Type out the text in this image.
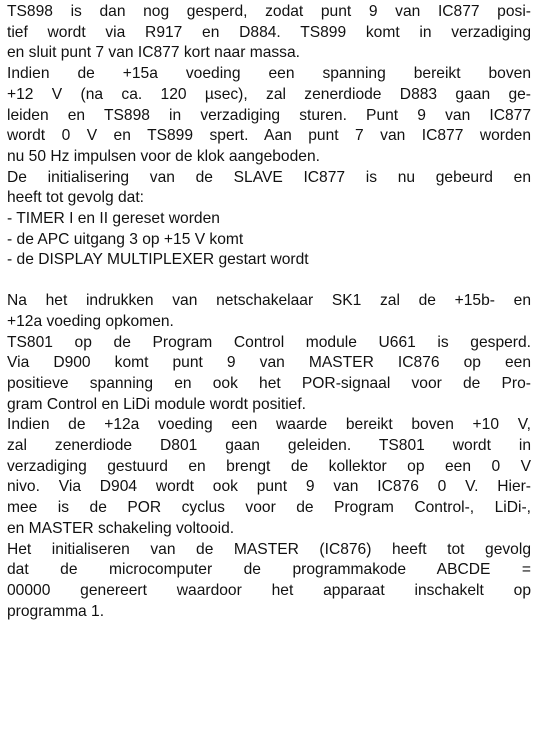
TS898 is dan nog gesperd, zodat punt 9 van IC877 posi-
tief wordt via R917 en D884. TS899 komt in verzadiging
en sluit punt 7 van IC877 kort naar massa.
Indien de +15a voeding een spanning bereikt boven
+12 V (na ca. 120 µsec), zal zenerdiode D883 gaan ge-
leiden en TS898 in verzadiging sturen. Punt 9 van IC877
wordt 0 V en TS899 spert. Aan punt 7 van IC877 worden
nu 50 Hz impulsen voor de klok aangeboden.
De initialisering van de SLAVE IC877 is nu gebeurd en
heeft tot gevolg dat:
- TIMER I en II gereset worden
- de APC uitgang 3 op +15 V komt
- de DISPLAY MULTIPLEXER gestart wordt
Na het indrukken van netschakelaar SK1 zal de +15b- en
+12a voeding opkomen.
TS801 op de Program Control module U661 is gesperd.
Via D900 komt punt 9 van MASTER IC876 op een
positieve spanning en ook het POR-signaal voor de Pro-
gram Control en LiDi module wordt positief.
Indien de +12a voeding een waarde bereikt boven +10 V,
zal zenerdiode D801 gaan geleiden. TS801 wordt in
verzadiging gestuurd en brengt de kollektor op een 0 V
nivo. Via D904 wordt ook punt 9 van IC876 0 V. Hier-
mee is de POR cyclus voor de Program Control-, LiDi-,
en MASTER schakeling voltooid.
Het initialiseren van de MASTER (IC876) heeft tot gevolg
dat de microcomputer de programmakode ABCDE =
00000 genereert waardoor het apparaat inschakelt op
programma 1.
